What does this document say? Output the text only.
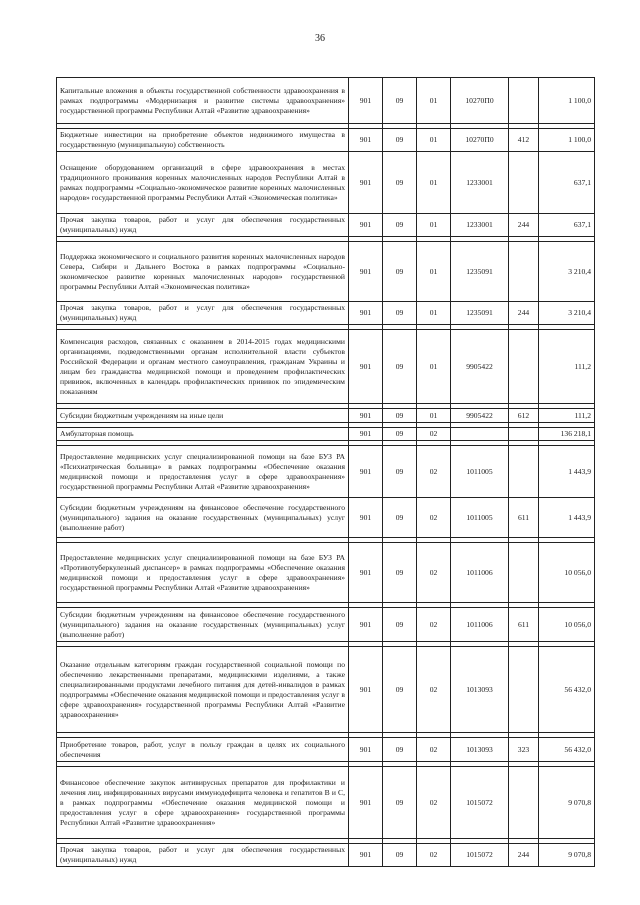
36
Капитальные вложения в объекты государственной собственности здравоохранения в рамках подпрограммы «Модернизация и развитие системы здравоохранения» государственной программы Республики Алтай «Развитие здравоохранения»	901	09	01	10270П0		1 100,0

Бюджетные инвестиции на приобретение объектов недвижимого имущества в государственную (муниципальную) собственность	901	09	01	10270П0	412	1 100,0
Оснащение оборудованием организаций в сфере здравоохранения в местах традиционного проживания коренных малочисленных народов Республики Алтай в рамках подпрограммы «Социально-экономическое развитие коренных малочисленных народов» государственной программы Республики Алтай «Экономическая политика»	901	09	01	1233001		637,1
Прочая закупка товаров, работ и услуг для обеспечения государственных (муниципальных) нужд	901	09	01	1233001	244	637,1

Поддержка экономического и социального развития коренных малочисленных народов Севера, Сибири и Дальнего Востока в рамках подпрограммы «Социально-экономическое развитие коренных малочисленных народов» государственной программы Республики Алтай «Экономическая политика»	901	09	01	1235091		3 210,4
Прочая закупка товаров, работ и услуг для обеспечения государственных (муниципальных) нужд	901	09	01	1235091	244	3 210,4

Компенсация расходов, связанных с оказанием в 2014-2015 годах медицинскими организациями, подведомственными органам исполнительной власти субъектов Российской Федерации и органам местного самоуправления, гражданам Украины и лицам без гражданства медицинской помощи и проведением профилактических прививок, включенных в календарь профилактических прививок по эпидемическим показаниям	901	09	01	9905422		111,2

Субсидии бюджетным учреждениям на иные цели	901	09	01	9905422	612	111,2

Амбулаторная помощь	901	09	02			136 218,1

Предоставление медицинских услуг специализированной помощи на базе БУЗ РА «Психиатрическая больница» в рамках подпрограммы «Обеспечение оказания медицинской помощи и предоставления услуг в сфере здравоохранения» государственной программы Республики Алтай «Развитие здравоохранения»	901	09	02	1011005		1 443,9
Субсидии бюджетным учреждениям на финансовое обеспечение государственного (муниципального) задания на оказание государственных (муниципальных) услуг (выполнение работ)	901	09	02	1011005	611	1 443,9

Предоставление медицинских услуг специализированной помощи на базе БУЗ РА «Противотуберкулезный диспансер» в рамках подпрограммы «Обеспечение оказания медицинской помощи и предоставления услуг в сфере здравоохранения» государственной программы Республики Алтай «Развитие здравоохранения»	901	09	02	1011006		10 056,0

Субсидии бюджетным учреждениям на финансовое обеспечение государственного (муниципального) задания на оказание государственных (муниципальных) услуг (выполнение работ)	901	09	02	1011006	611	10 056,0

Оказание отдельным категориям граждан государственной социальной помощи по обеспечению лекарственными препаратами, медицинскими изделиями, а также специализированными продуктами лечебного питания для детей-инвалидов в рамках подпрограммы «Обеспечение оказания медицинской помощи и предоставления услуг в сфере здравоохранения» государственной программы Республики Алтай «Развитие здравоохранения»	901	09	02	1013093		56 432,0

Приобретение товаров, работ, услуг в пользу граждан в целях их социального обеспечения	901	09	02	1013093	323	56 432,0

Финансовое обеспечение закупок антивирусных препаратов для профилактики и лечения лиц, инфицированных вирусами иммунодефицита человека и гепатитов B и C, в рамках подпрограммы «Обеспечение оказания медицинской помощи и предоставления услуг в сфере здравоохранения» государственной программы Республики Алтай «Развитие здравоохранения»	901	09	02	1015072		9 070,8

Прочая закупка товаров, работ и услуг для обеспечения государственных (муниципальных) нужд	901	09	02	1015072	244	9 070,8
